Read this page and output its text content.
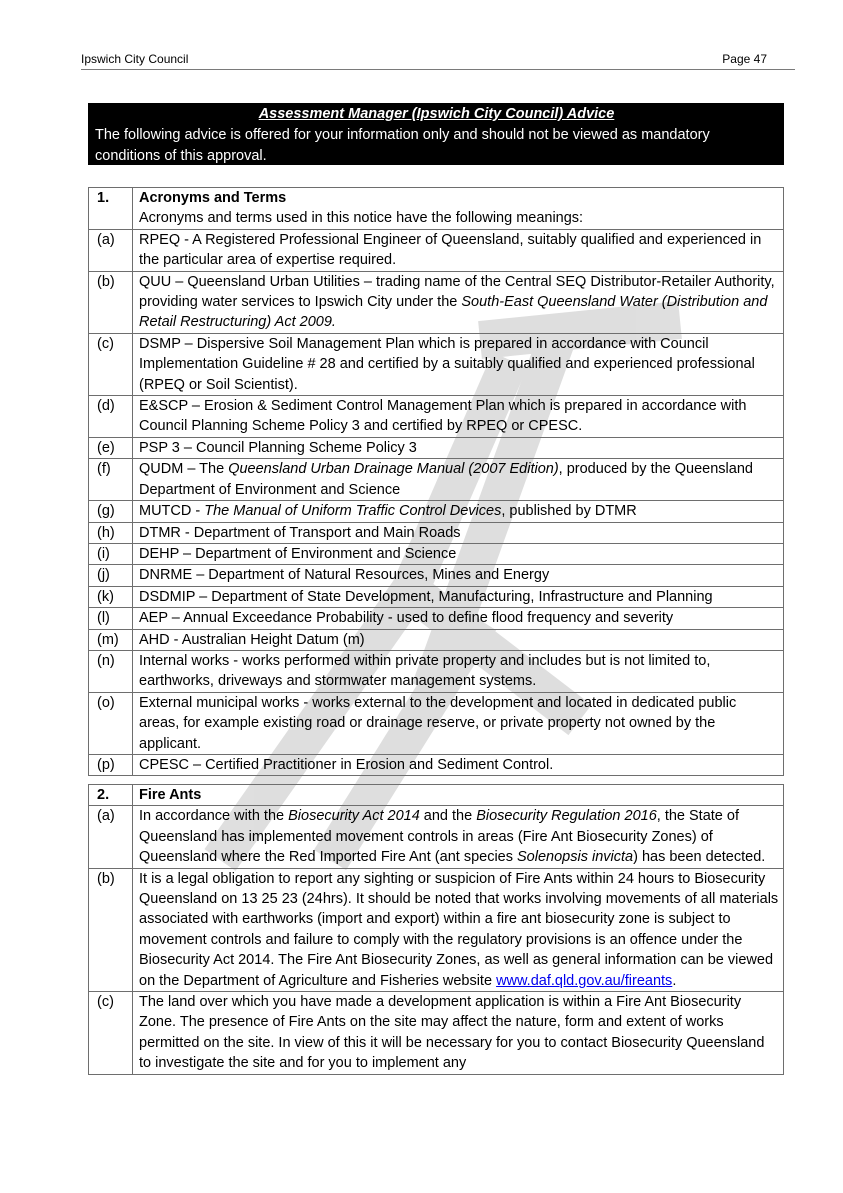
Ipswich City Council	Page 47
Assessment Manager (Ipswich City Council) Advice
The following advice is offered for your information only and should not be viewed as mandatory conditions of this approval.
1.	Acronyms and Terms
Acronyms and terms used in this notice have the following meanings:

(a)	RPEQ - A Registered Professional Engineer of Queensland, suitably qualified and experienced in the particular area of expertise required.
(b)	QUU – Queensland Urban Utilities – trading name of the Central SEQ Distributor-Retailer Authority, providing water services to Ipswich City under the South-East Queensland Water (Distribution and Retail Restructuring) Act 2009.
(c)	DSMP – Dispersive Soil Management Plan which is prepared in accordance with Council Implementation Guideline # 28 and certified by a suitably qualified and experienced professional (RPEQ or Soil Scientist).
(d)	E&SCP – Erosion & Sediment Control Management Plan which is prepared in accordance with Council Planning Scheme Policy 3 and certified by RPEQ or CPESC.
(e)	PSP 3 – Council Planning Scheme Policy 3
(f)	QUDM – The Queensland Urban Drainage Manual (2007 Edition), produced by the Queensland Department of Environment and Science
(g)	MUTCD - The Manual of Uniform Traffic Control Devices, published by DTMR
(h)	DTMR - Department of Transport and Main Roads
(i)	DEHP – Department of Environment and Science
(j)	DNRME – Department of Natural Resources, Mines and Energy
(k)	DSDMIP – Department of State Development, Manufacturing, Infrastructure and Planning
(l)	AEP – Annual Exceedance Probability - used to define flood frequency and severity
(m)	AHD - Australian Height Datum (m)
(n)	Internal works - works performed within private property and includes but is not limited to, earthworks, driveways and stormwater management systems.
(o)	External municipal works - works external to the development and located in dedicated public areas, for example existing road or drainage reserve, or private property not owned by the applicant.
(p)	CPESC – Certified Practitioner in Erosion and Sediment Control.
2.	Fire Ants
(a)	In accordance with the Biosecurity Act 2014 and the Biosecurity Regulation 2016, the State of Queensland has implemented movement controls in areas (Fire Ant Biosecurity Zones) of Queensland where the Red Imported Fire Ant (ant species Solenopsis invicta) has been detected.
(b)	It is a legal obligation to report any sighting or suspicion of Fire Ants within 24 hours to Biosecurity Queensland on 13 25 23 (24hrs). It should be noted that works involving movements of all materials associated with earthworks (import and export) within a fire ant biosecurity zone is subject to movement controls and failure to comply with the regulatory provisions is an offence under the Biosecurity Act 2014. The Fire Ant Biosecurity Zones, as well as general information can be viewed on the Department of Agriculture and Fisheries website www.daf.qld.gov.au/fireants.
(c)	The land over which you have made a development application is within a Fire Ant Biosecurity Zone. The presence of Fire Ants on the site may affect the nature, form and extent of works permitted on the site. In view of this it will be necessary for you to contact Biosecurity Queensland to investigate the site and for you to implement any
